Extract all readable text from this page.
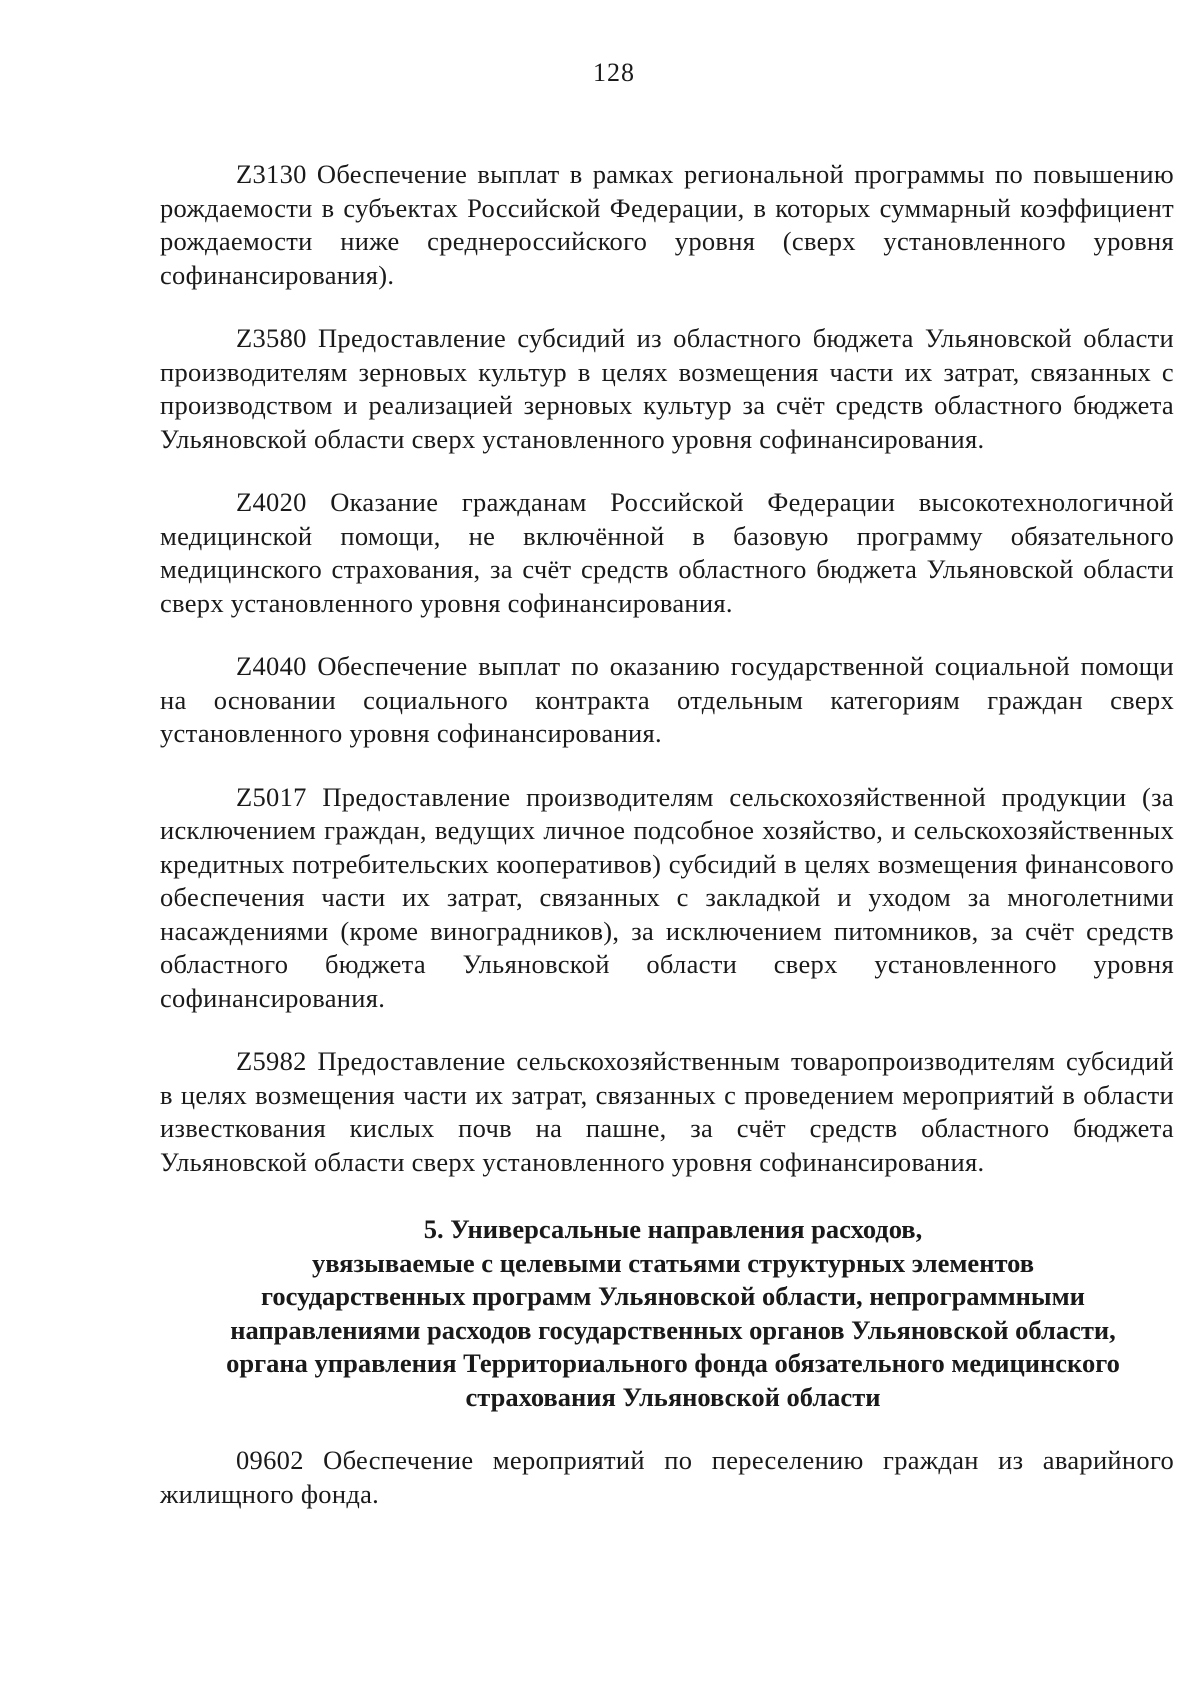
128

Z3130 Обеспечение выплат в рамках региональной программы по повышению рождаемости в субъектах Российской Федерации, в которых суммарный коэффициент рождаемости ниже среднероссийского уровня (сверх установленного уровня софинансирования).

Z3580 Предоставление субсидий из областного бюджета Ульяновской области производителям зерновых культур в целях возмещения части их затрат, связанных с производством и реализацией зерновых культур за счёт средств областного бюджета Ульяновской области сверх установленного уровня софинансирования.

Z4020 Оказание гражданам Российской Федерации высокотехнологичной медицинской помощи, не включённой в базовую программу обязательного медицинского страхования, за счёт средств областного бюджета Ульяновской области сверх установленного уровня софинансирования.

Z4040 Обеспечение выплат по оказанию государственной социальной помощи на основании социального контракта отдельным категориям граждан сверх установленного уровня софинансирования.

Z5017 Предоставление производителям сельскохозяйственной продукции (за исключением граждан, ведущих личное подсобное хозяйство, и сельскохозяйственных кредитных потребительских кооперативов) субсидий в целях возмещения финансового обеспечения части их затрат, связанных с закладкой и уходом за многолетними насаждениями (кроме виноградников), за исключением питомников, за счёт средств областного бюджета Ульяновской области сверх установленного уровня софинансирования.

Z5982 Предоставление сельскохозяйственным товаропроизводителям субсидий в целях возмещения части их затрат, связанных с проведением мероприятий в области известкования кислых почв на пашне, за счёт средств областного бюджета Ульяновской области сверх установленного уровня софинансирования.

5. Универсальные направления расходов,
увязываемые с целевыми статьями структурных элементов
государственных программ Ульяновской области, непрограммными
направлениями расходов государственных органов Ульяновской области,
органа управления Территориального фонда обязательного медицинского
страхования Ульяновской области

09602 Обеспечение мероприятий по переселению граждан из аварийного жилищного фонда.
